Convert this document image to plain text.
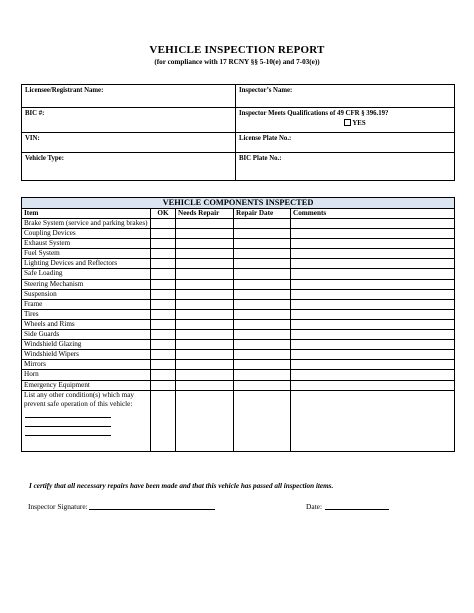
VEHICLE INSPECTION REPORT
(for compliance with 17 RCNY §§ 5-10(e) and 7-03(e))
Licensee/Registrant Name:	Inspector’s Name:
BIC #:	Inspector Meets Qualifications of 49 CFR § 396.19?
YES

VIN:	License Plate No.:
Vehicle Type:	BIC Plate No.:
VEHICLE COMPONENTS INSPECTED				
Item	OK	Needs Repair	Repair Date	Comments
Brake System (service and parking brakes)				
Coupling Devices				
Exhaust System				
Fuel System				
Lighting Devices and Reflectors				
Safe Loading				
Steering Mechanism				
Suspension				
Frame				
Tires				
Wheels and Rims				
Side Guards				
Windshield Glazing				
Windshield Wipers				
Mirrors				
Horn				
Emergency Equipment				
List any other condition(s) which may prevent safe operation of this vehicle:

I certify that all necessary repairs have been made and that this vehicle has passed all inspection items.
Inspector Signature:	Date:
